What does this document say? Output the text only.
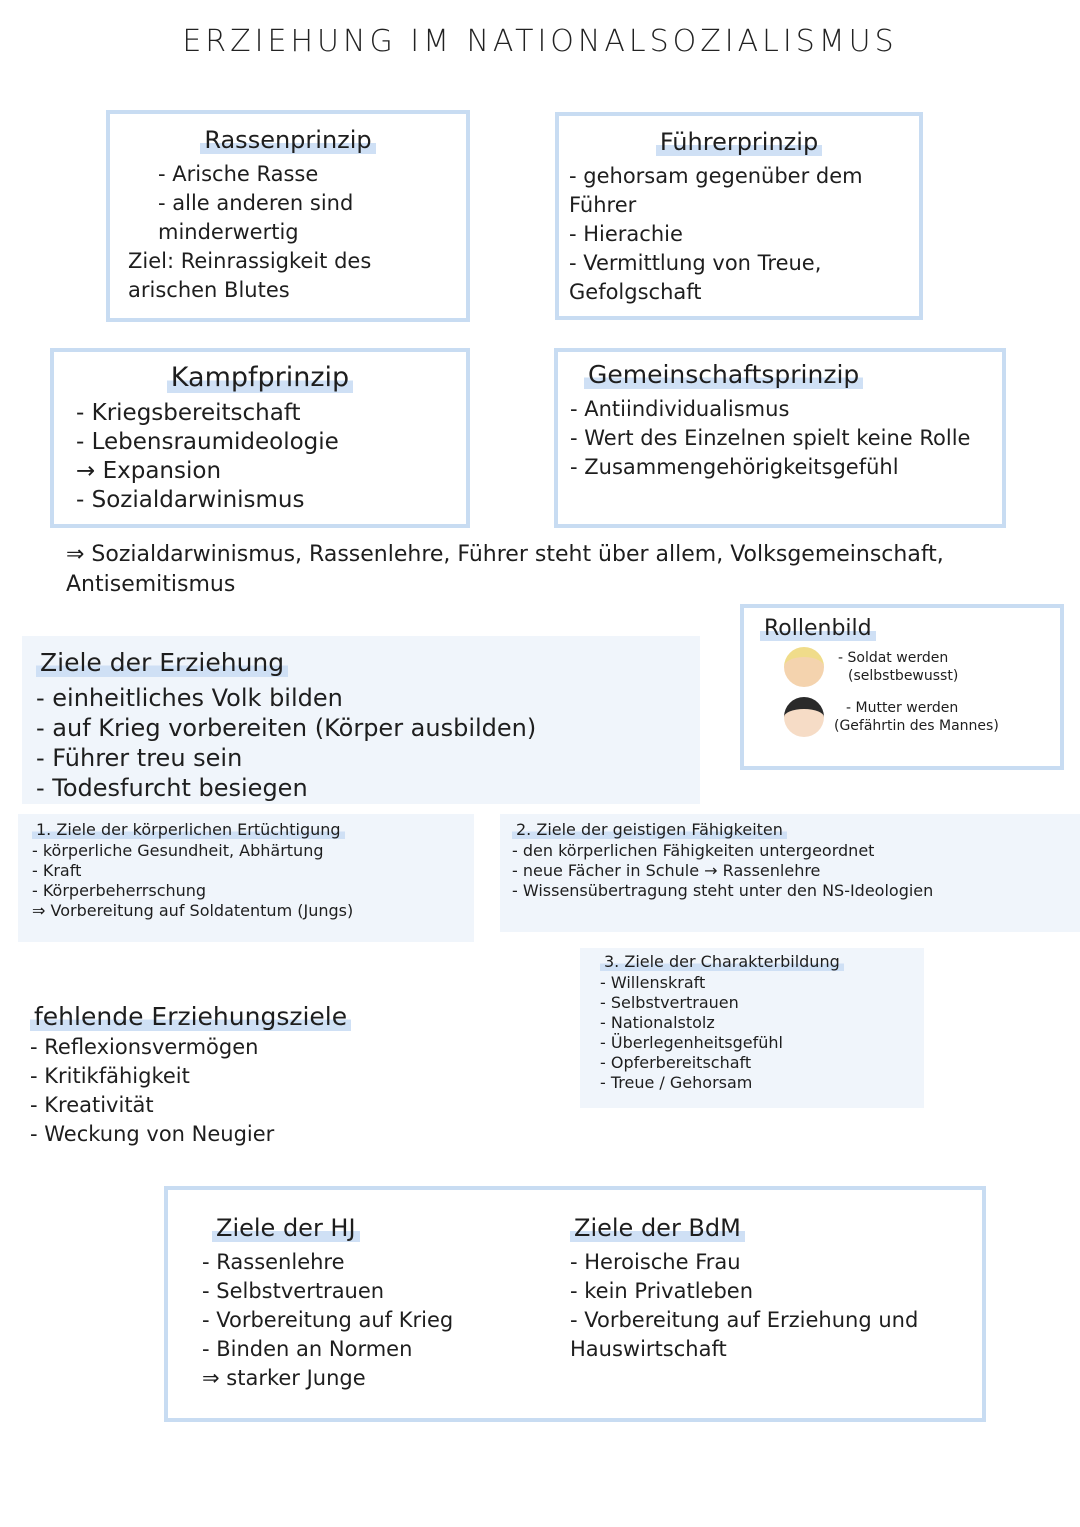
ERZIEHUNG IM NATIONALSOZIALISMUS
Rassenprinzip
- Arische Rasse
- alle anderen sind minderwertig
Ziel: Reinrassigkeit des arischen Blutes
Führerprinzip
- gehorsam gegenüber dem Führer
- Hierachie
- Vermittlung von Treue, Gefolgschaft
Kampfprinzip
- Kriegsbereitschaft
- Lebensraumideologie
→ Expansion
- Sozialdarwinismus
Gemeinschaftsprinzip
- Antiindividualismus
- Wert des Einzelnen spielt keine Rolle
- Zusammengehörigkeitsgefühl
⇒ Sozialdarwinismus, Rassenlehre, Führer steht über allem, Volksgemeinschaft, Antisemitismus
Rollenbild
- Soldat werden
(selbstbewusst)
- Mutter werden
(Gefährtin des Mannes)
Ziele der Erziehung
- einheitliches Volk bilden
- auf Krieg vorbereiten (Körper ausbilden)
- Führer treu sein
- Todesfurcht besiegen
1. Ziele der körperlichen Ertüchtigung
- körperliche Gesundheit, Abhärtung
- Kraft
- Körperbeherrschung
⇒ Vorbereitung auf Soldatentum (Jungs)
2. Ziele der geistigen Fähigkeiten
- den körperlichen Fähigkeiten untergeordnet
- neue Fächer in Schule → Rassenlehre
- Wissensübertragung steht unter den NS-Ideologien
3. Ziele der Charakterbildung
- Willenskraft
- Selbstvertrauen
- Nationalstolz
- Überlegenheitsgefühl
- Opferbereitschaft
- Treue / Gehorsam
fehlende Erziehungsziele
- Reflexionsvermögen
- Kritikfähigkeit
- Kreativität
- Weckung von Neugier
Ziele der HJ
- Rassenlehre
- Selbstvertrauen
- Vorbereitung auf Krieg
- Binden an Normen
⇒ starker Junge
Ziele der BdM
- Heroische Frau
- kein Privatleben
- Vorbereitung auf Erziehung und Hauswirtschaft
